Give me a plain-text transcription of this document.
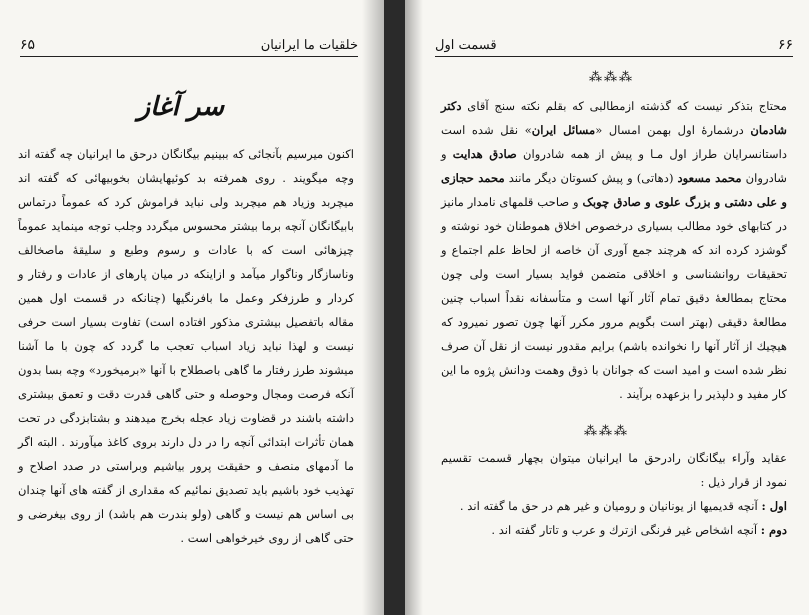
خلقیات ما ایرانیان
۶۵
سر آغاز
اکنون میرسیم بآنجائی که ببینیم بیگانگان درحق ما ایرانیان چه گفته اند وچه میگویند . روی همرفته بد کوئیهایشان بخوبیهائی که گفته اند میچربد وزیاد هم میچربد ولی نباید فراموش کرد که عموماً درتماس بابیگانگان آنچه برما بیشتر محسوس میگردد وجلب توجه مینماید عموماً چیزهائی است که با عادات و رسوم وطبع و سلیقهٔ ماصخالف وناسازگار وناگوار میآمد و ازاینکه در میان پارهای از عادات و رفتار و کردار و طرزفکر وعمل ما بافرنگیها (چنانکه در قسمت اول همین مقاله باتفصیل بیشتری مذکور افتاده است) تفاوت بسیار است حرفی نیست و لهذا نباید زیاد اسباب تعجب ما گردد که چون با ما آشنا میشوند طرز رفتار ما گاهی باصطلاح با آنها «برمیخورد» وچه بسا بدون آنکه فرصت ومجال وحوصله و حتی گاهی قدرت دقت و تعمق بیشتری داشته باشند در قضاوت زیاد عجله بخرج میدهند و بشتابزدگی در تحت همان تأثرات ابتدائی آنچه را در دل دارند بروی کاغذ میآورند . البته اگر ما آدمهای منصف و حقیقت پرور بیاشیم وبراستی در صدد اصلاح و تهذیب خود باشیم باید تصدیق نمائیم که مقداری از گفته های آنها چندان بی اساس هم نیست و گاهی (ولو بندرت هم باشد) از روی بیغرضی و حتی گاهی از روی خیرخواهی است .
۶۶
قسمت اول
⁂⁂⁂
محتاج بتذکر نیست که گذشته ازمطالبی که بقلم نکته سنج آقای دکتر شادمان درشمارهٔ اول بهمن امسال «مسائل ایران» نقل شده است داستانسرایان طراز اول مـا و پیش از همه شادروان صادق هدایت و شادروان محمد مسعود (دهاتی) و پیش کسوتان دیگر مانند محمد حجازی و علی دشتی و بزرگ علوی و صادق چوبک و صاحب قلمهای نامدار مانیز در کتابهای خود مطالب بسیاری درخصوص اخلاق هموطنان خود نوشته و گوشزد کرده اند که هرچند جمع آوری آن خاصه از لحاظ علم اجتماع و تحقیقات روانشناسی و اخلاقی متضمن فواید بسیار است ولی چون محتاج بمطالعهٔ دقیق تمام آثار آنها است و متأسفانه نقداً اسباب چنین مطالعهٔ دقیقی (بهتر است بگویم مرور مکرر آنها چون تصور نمیرود که هیچیك از آثار آنها را نخوانده باشم) برایم مقدور نیست از نقل آن صرف نظر شده است و امید است که جوانان با ذوق وهمت ودانش پژوه ما این کار مفید و دلپذیر را بزعهده برآیند .
⁂⁂⁂
عقاید وآراء بیگانگان رادرحق ما ایرانیان میتوان بچهار قسمت تقسیم نمود از قرار ذیل :
اول : آنچه قدیمیها از یونانیان و رومیان و غیر هم در حق ما گفته اند .
دوم : آنچه اشخاص غیر فرنگی ازترك و عرب و تاتار گفته اند .
